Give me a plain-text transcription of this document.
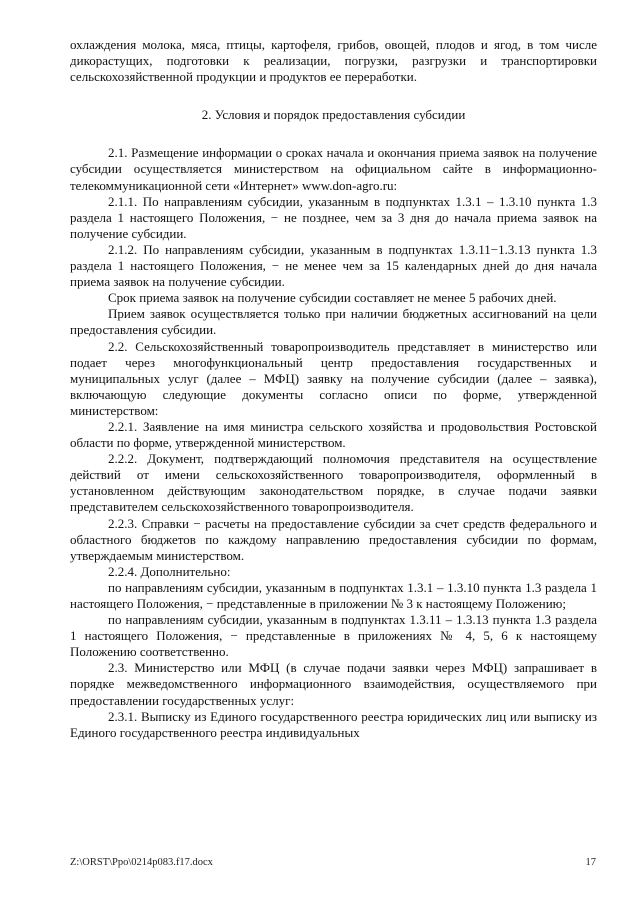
охлаждения молока, мяса, птицы, картофеля, грибов, овощей, плодов и ягод, в том числе дикорастущих, подготовки к реализации, погрузки, разгрузки и транспортировки сельскохозяйственной продукции и продуктов ее переработки.

2. Условия и порядок предоставления субсидии

2.1. Размещение информации о сроках начала и окончания приема заявок на получение субсидии осуществляется министерством на официальном сайте в информационно-телекоммуникационной сети «Интернет» www.don-agro.ru:

2.1.1. По направлениям субсидии, указанным в подпунктах 1.3.1 – 1.3.10 пункта 1.3 раздела 1 настоящего Положения, − не позднее, чем за 3 дня до начала приема заявок на получение субсидии.

2.1.2. По направлениям субсидии, указанным в подпунктах 1.3.11−1.3.13 пункта 1.3 раздела 1 настоящего Положения, − не менее чем за 15 календарных дней до дня начала приема заявок на получение субсидии.

Срок приема заявок на получение субсидии составляет не менее 5 рабочих дней.

Прием заявок осуществляется только при наличии бюджетных ассигнований на цели предоставления субсидии.

2.2. Сельскохозяйственный товаропроизводитель представляет в министерство или подает через многофункциональный центр предоставления государственных и муниципальных услуг (далее – МФЦ) заявку на получение субсидии (далее – заявка), включающую следующие документы согласно описи по форме, утвержденной министерством:

2.2.1. Заявление на имя министра сельского хозяйства и продовольствия Ростовской области по форме, утвержденной министерством.

2.2.2. Документ, подтверждающий полномочия представителя на осуществление действий от имени сельскохозяйственного товаропроизводителя, оформленный в установленном действующим законодательством порядке, в случае подачи заявки представителем сельскохозяйственного товаропроизводителя.

2.2.3. Справки − расчеты на предоставление субсидии за счет средств федерального и областного бюджетов по каждому направлению предоставления субсидии по формам, утверждаемым министерством.

2.2.4. Дополнительно:

по направлениям субсидии, указанным в подпунктах 1.3.1 – 1.3.10 пункта 1.3 раздела 1 настоящего Положения, − представленные в приложении № 3 к настоящему Положению;

по направлениям субсидии, указанным в подпунктах 1.3.11 – 1.3.13 пункта 1.3 раздела 1 настоящего Положения, − представленные в приложениях № 4, 5, 6 к настоящему Положению соответственно.

2.3. Министерство или МФЦ (в случае подачи заявки через МФЦ) запрашивает в порядке межведомственного информационного взаимодействия, осуществляемого при предоставлении государственных услуг:

2.3.1. Выписку из Единого государственного реестра юридических лиц или выписку из Единого государственного реестра индивидуальных

Z:\ORST\Ppo\0214p083.f17.docx	17
